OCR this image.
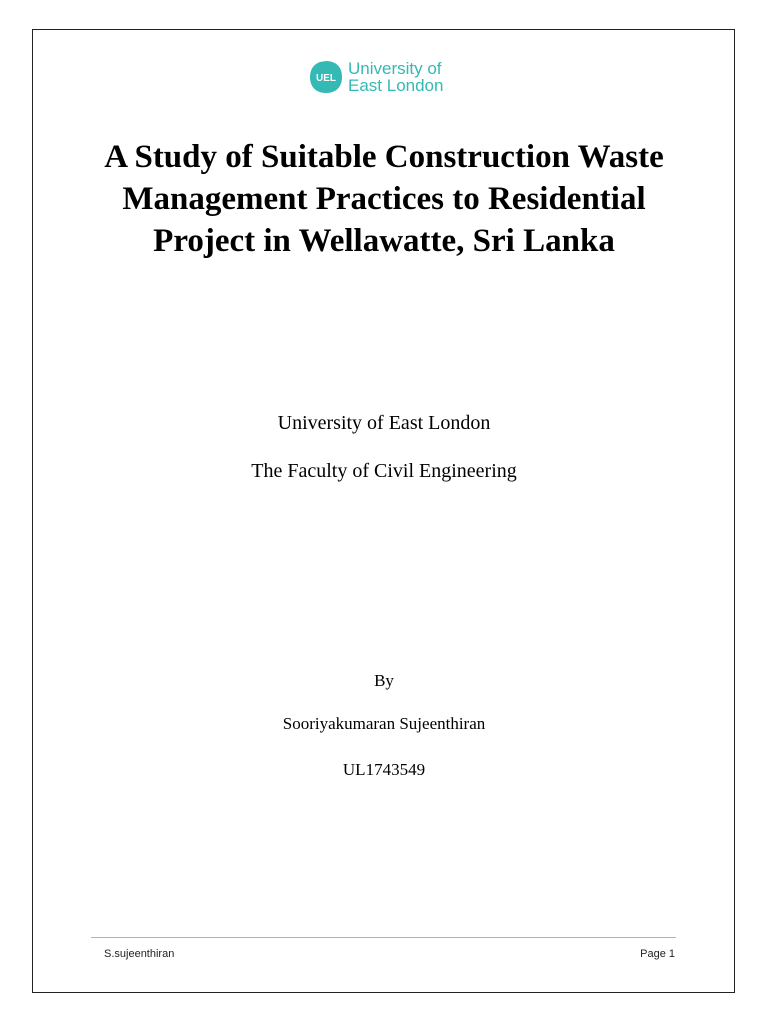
UEL
University of
East London
A Study of Suitable Construction Waste
Management Practices to Residential
Project in Wellawatte, Sri Lanka
University of East London
The Faculty of Civil Engineering
By
Sooriyakumaran Sujeenthiran
UL1743549
S.sujeenthiran	Page 1
